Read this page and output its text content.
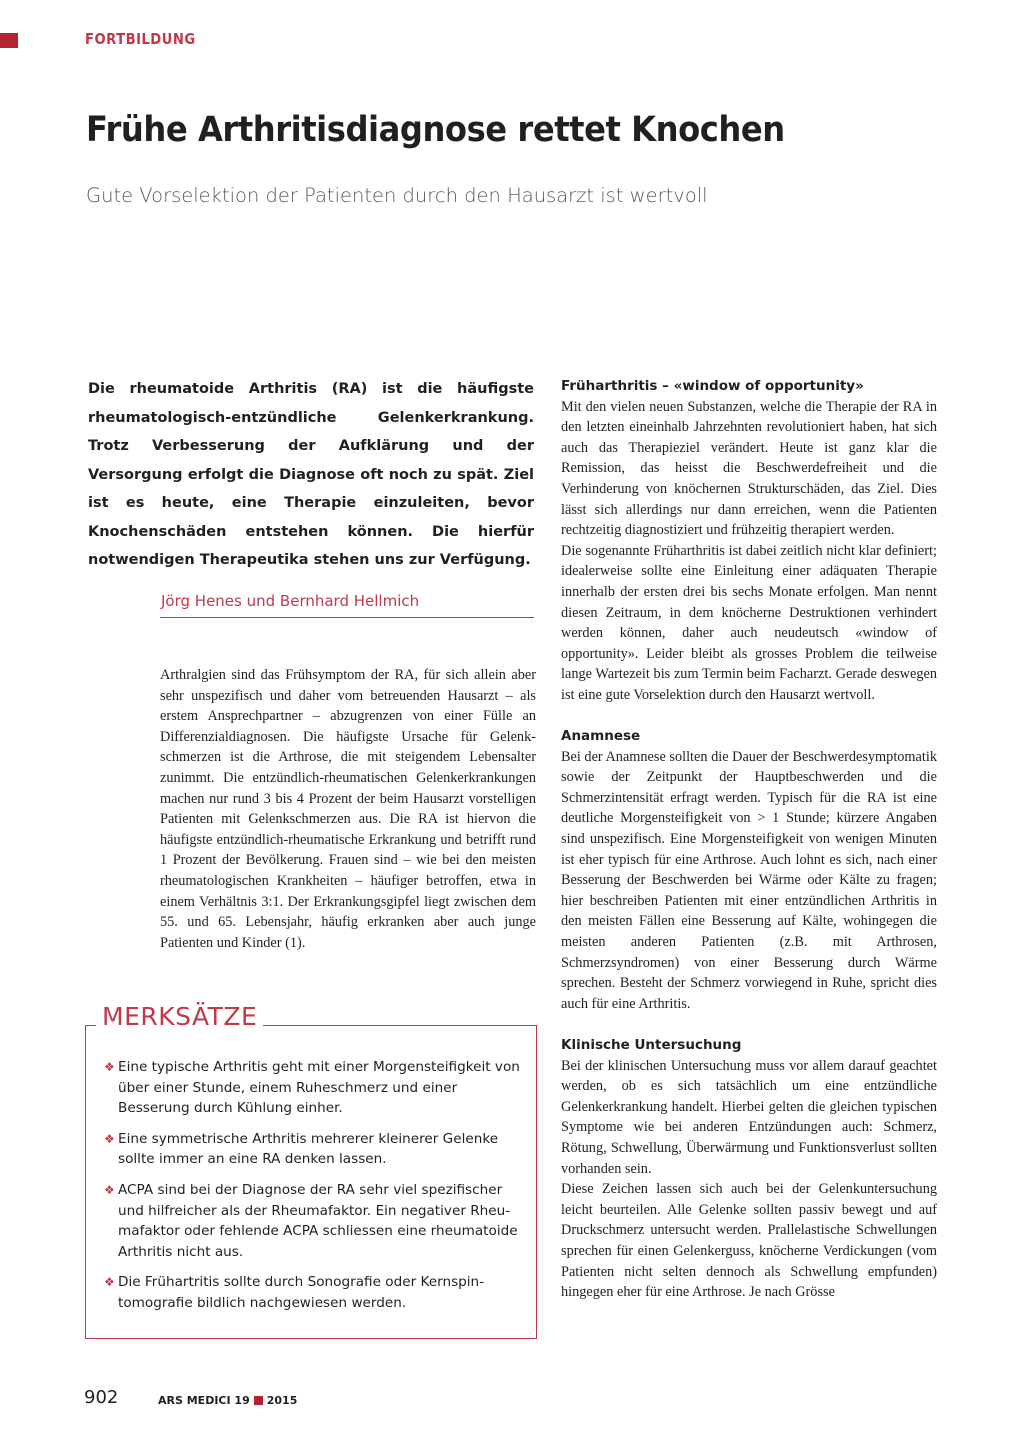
FORTBILDUNG
Frühe Arthritisdiagnose rettet Knochen
Gute Vorselektion der Patienten durch den Hausarzt ist wertvoll
Die rheumatoide Arthritis (RA) ist die häufigste rheumatologisch-entzündliche Gelenkerkrankung. Trotz Verbesserung der Aufklärung und der Versorgung erfolgt die Diagnose oft noch zu spät. Ziel ist es heute, eine Therapie einzuleiten, bevor Knochenschäden entstehen können. Die hierfür notwendigen Therapeutika stehen uns zur Verfügung.
Jörg Henes und Bernhard Hellmich

Arthralgien sind das Frühsymptom der RA, für sich allein aber sehr unspezifisch und daher vom betreuenden Hausarzt – als erstem Ansprechpartner – abzugrenzen von einer Fülle an Differenzialdiagnosen. Die häufigste Ursache für Gelenkschmerzen ist die Arthrose, die mit steigendem Lebensalter zunimmt. Die entzündlich-rheumatischen Gelenkerkrankungen machen nur rund 3 bis 4 Prozent der beim Hausarzt vorstelligen Patienten mit Gelenkschmerzen aus. Die RA ist hiervon die häufigste entzündlich-rheumatische Erkrankung und betrifft rund 1 Prozent der Bevölkerung. Frauen sind – wie bei den meisten rheumatologischen Krankheiten – häufiger betroffen, etwa in einem Verhältnis 3:1. Der Erkrankungsgipfel liegt zwischen dem 55. und 65. Lebensjahr, häufig erkranken aber auch junge Patienten und Kinder (1).

MERKSÄTZE
❖ Eine typische Arthritis geht mit einer Morgensteifigkeit von über einer Stunde, einem Ruheschmerz und einer Besserung durch Kühlung einher.
❖ Eine symmetrische Arthritis mehrerer kleinerer Gelenke sollte immer an eine RA denken lassen.
❖ ACPA sind bei der Diagnose der RA sehr viel spezifischer und hilfreicher als der Rheumafaktor. Ein negativer Rheumafaktor oder fehlende ACPA schliessen eine rheumatoide Arthritis nicht aus.
❖ Die Frühartritis sollte durch Sonografie oder Kernspintomografie bildlich nachgewiesen werden.
Früharthritis – «window of opportunity»

Mit den vielen neuen Substanzen, welche die Therapie der RA in den letzten eineinhalb Jahrzehnten revolutioniert haben, hat sich auch das Therapieziel verändert. Heute ist ganz klar die Remission, das heisst die Beschwerdefreiheit und die Verhinderung von knöchernen Strukturschäden, das Ziel. Dies lässt sich allerdings nur dann erreichen, wenn die Patienten rechtzeitig diagnostiziert und frühzeitig therapiert werden.

Die sogenannte Früharthritis ist dabei zeitlich nicht klar definiert; idealerweise sollte eine Einleitung einer adäquaten Therapie innerhalb der ersten drei bis sechs Monate erfolgen. Man nennt diesen Zeitraum, in dem knöcherne Destruktionen verhindert werden können, daher auch neudeutsch «window of opportunity». Leider bleibt als grosses Problem die teilweise lange Wartezeit bis zum Termin beim Facharzt. Gerade deswegen ist eine gute Vorselektion durch den Hausarzt wertvoll.

Anamnese

Bei der Anamnese sollten die Dauer der Beschwerdesymptomatik sowie der Zeitpunkt der Hauptbeschwerden und die Schmerzintensität erfragt werden. Typisch für die RA ist eine deutliche Morgensteifigkeit von > 1 Stunde; kürzere Angaben sind unspezifisch. Eine Morgensteifigkeit von wenigen Minuten ist eher typisch für eine Arthrose. Auch lohnt es sich, nach einer Besserung der Beschwerden bei Wärme oder Kälte zu fragen; hier beschreiben Patienten mit einer entzündlichen Arthritis in den meisten Fällen eine Besserung auf Kälte, wohingegen die meisten anderen Patienten (z.B. mit Arthrosen, Schmerzsyndromen) von einer Besserung durch Wärme sprechen. Besteht der Schmerz vorwiegend in Ruhe, spricht dies auch für eine Arthritis.

Klinische Untersuchung

Bei der klinischen Untersuchung muss vor allem darauf geachtet werden, ob es sich tatsächlich um eine entzündliche Gelenkerkrankung handelt. Hierbei gelten die gleichen typischen Symptome wie bei anderen Entzündungen auch: Schmerz, Rötung, Schwellung, Überwärmung und Funktionsverlust sollten vorhanden sein.

Diese Zeichen lassen sich auch bei der Gelenkuntersuchung leicht beurteilen. Alle Gelenke sollten passiv bewegt und auf Druckschmerz untersucht werden. Prallelastische Schwellungen sprechen für einen Gelenkerguss, knöcherne Verdickungen (vom Patienten nicht selten dennoch als Schwellung empfunden) hingegen eher für eine Arthrose. Je nach Grösse

902	ARS MEDICI 19 2015
